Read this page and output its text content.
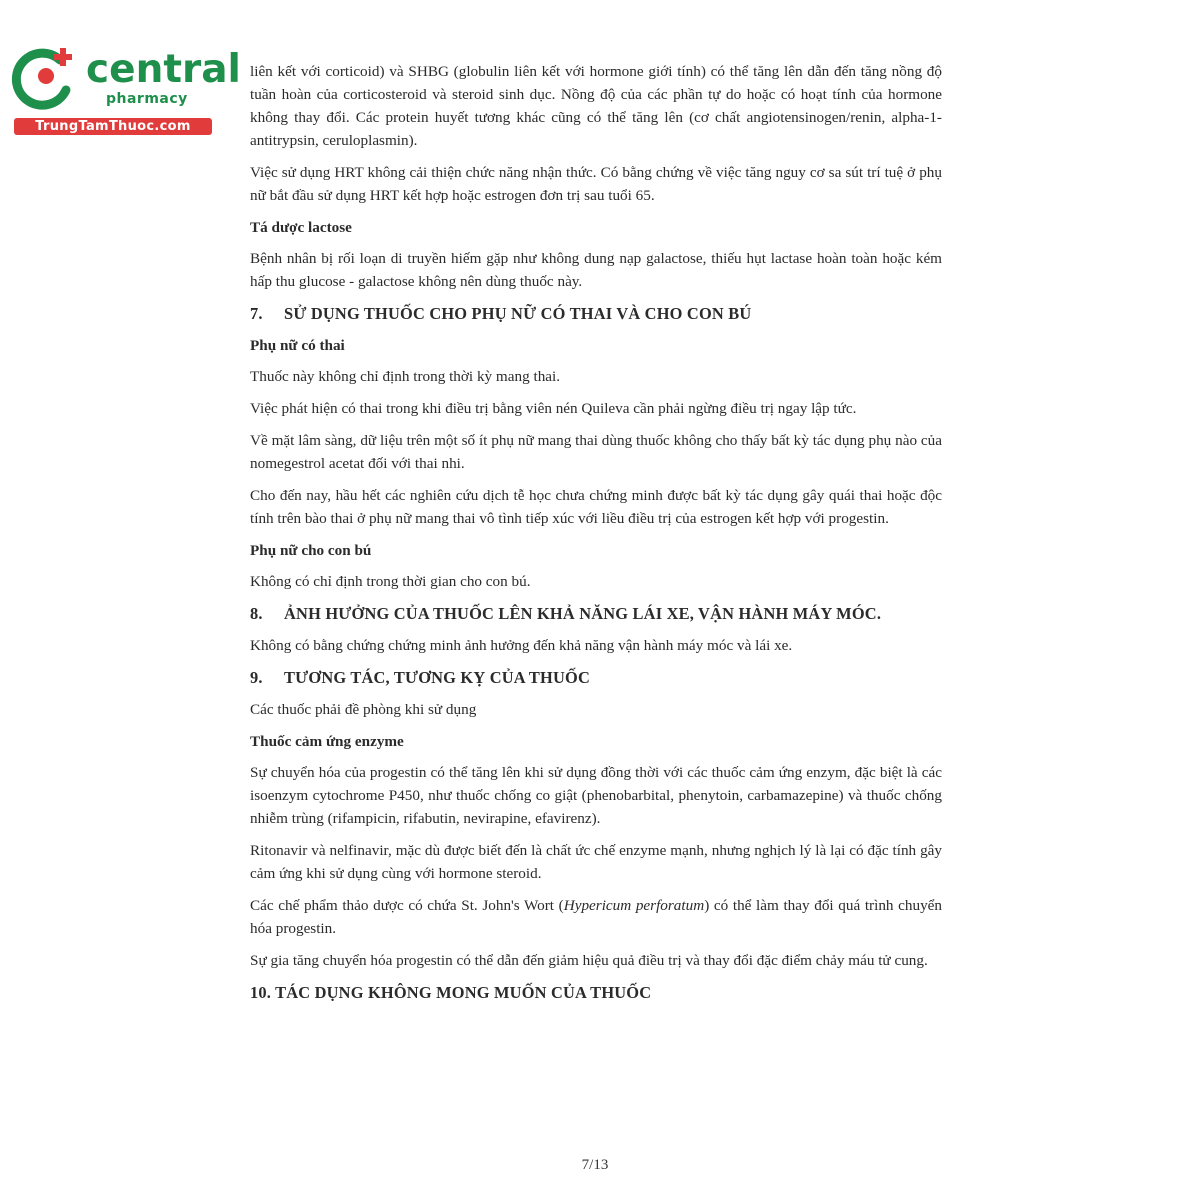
central
pharmacy
TrungTamThuoc.com

liên kết với corticoid) và SHBG (globulin liên kết với hormone giới tính) có thể tăng lên dẫn đến tăng nồng độ tuần hoàn của corticosteroid và steroid sinh dục. Nồng độ của các phần tự do hoặc có hoạt tính của hormone không thay đổi. Các protein huyết tương khác cũng có thể tăng lên (cơ chất angiotensinogen/renin, alpha-1-antitrypsin, ceruloplasmin).

Việc sử dụng HRT không cải thiện chức năng nhận thức. Có bằng chứng về việc tăng nguy cơ sa sút trí tuệ ở phụ nữ bắt đầu sử dụng HRT kết hợp hoặc estrogen đơn trị sau tuổi 65.

Tá dược lactose

Bệnh nhân bị rối loạn di truyền hiếm gặp như không dung nạp galactose, thiếu hụt lactase hoàn toàn hoặc kém hấp thu glucose - galactose không nên dùng thuốc này.

7. SỬ DỤNG THUỐC CHO PHỤ NỮ CÓ THAI VÀ CHO CON BÚ

Phụ nữ có thai

Thuốc này không chỉ định trong thời kỳ mang thai.

Việc phát hiện có thai trong khi điều trị bằng viên nén Quileva cần phải ngừng điều trị ngay lập tức.

Về mặt lâm sàng, dữ liệu trên một số ít phụ nữ mang thai dùng thuốc không cho thấy bất kỳ tác dụng phụ nào của nomegestrol acetat đối với thai nhi.

Cho đến nay, hầu hết các nghiên cứu dịch tễ học chưa chứng minh được bất kỳ tác dụng gây quái thai hoặc độc tính trên bào thai ở phụ nữ mang thai vô tình tiếp xúc với liều điều trị của estrogen kết hợp với progestin.

Phụ nữ cho con bú

Không có chỉ định trong thời gian cho con bú.

8. ẢNH HƯỞNG CỦA THUỐC LÊN KHẢ NĂNG LÁI XE, VẬN HÀNH MÁY MÓC.

Không có bằng chứng chứng minh ảnh hưởng đến khả năng vận hành máy móc và lái xe.

9. TƯƠNG TÁC, TƯƠNG KỴ CỦA THUỐC

Các thuốc phải đề phòng khi sử dụng

Thuốc cảm ứng enzyme

Sự chuyển hóa của progestin có thể tăng lên khi sử dụng đồng thời với các thuốc cảm ứng enzym, đặc biệt là các isoenzym cytochrome P450, như thuốc chống co giật (phenobarbital, phenytoin, carbamazepine) và thuốc chống nhiễm trùng (rifampicin, rifabutin, nevirapine, efavirenz).

Ritonavir và nelfinavir, mặc dù được biết đến là chất ức chế enzyme mạnh, nhưng nghịch lý là lại có đặc tính gây cảm ứng khi sử dụng cùng với hormone steroid.

Các chế phẩm thảo dược có chứa St. John's Wort (Hypericum perforatum) có thể làm thay đổi quá trình chuyển hóa progestin.

Sự gia tăng chuyển hóa progestin có thể dẫn đến giảm hiệu quả điều trị và thay đổi đặc điểm chảy máu tử cung.

10. TÁC DỤNG KHÔNG MONG MUỐN CỦA THUỐC

7/13
